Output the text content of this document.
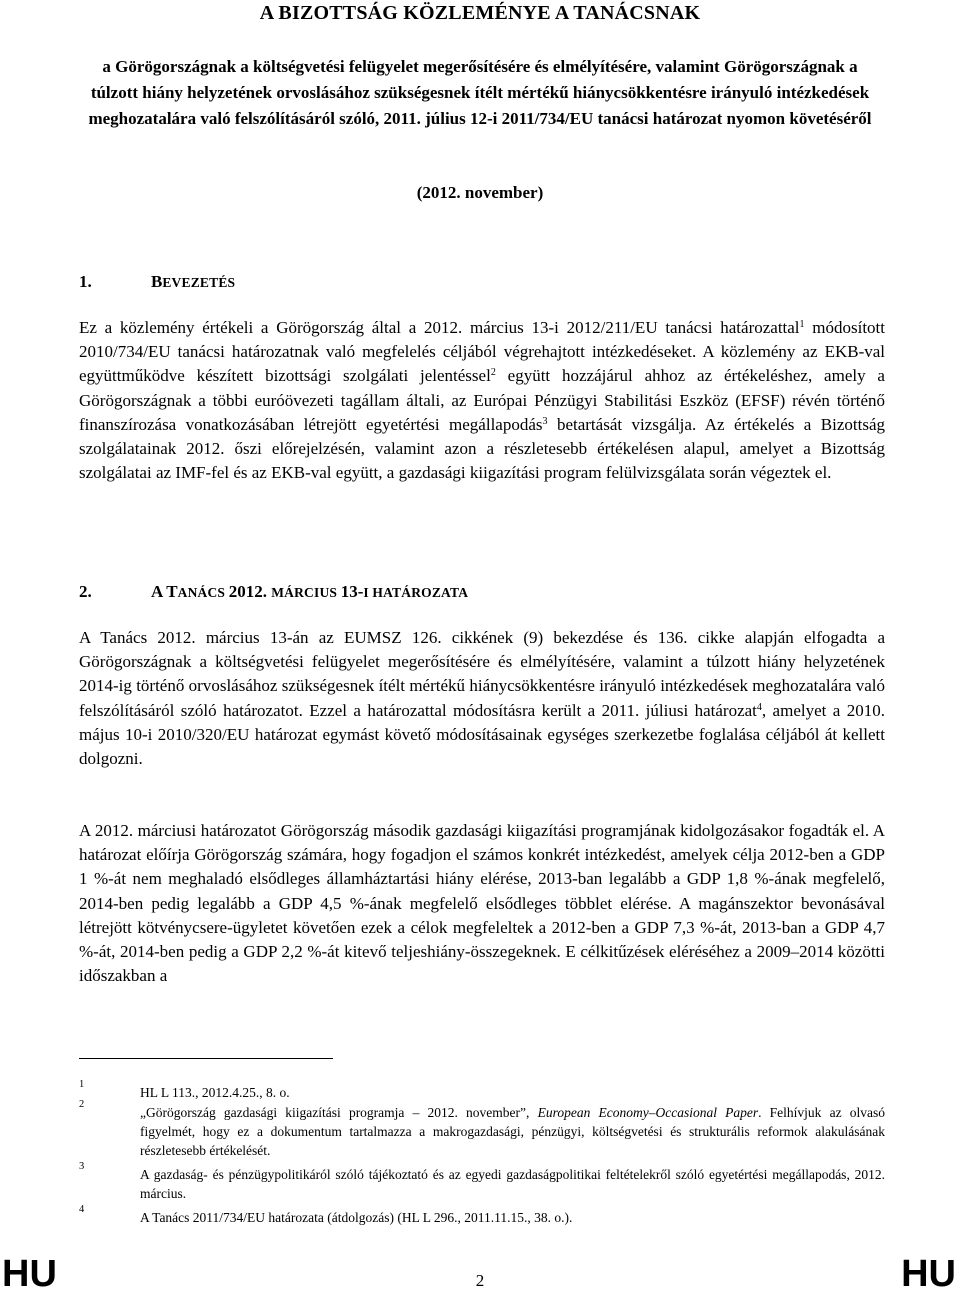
A BIZOTTSÁG KÖZLEMÉNYE A TANÁCSNAK
a Görögországnak a költségvetési felügyelet megerősítésére és elmélyítésére, valamint Görögországnak a túlzott hiány helyzetének orvoslásához szükségesnek ítélt mértékű hiánycsökkentésre irányuló intézkedések meghozatalára való felszólításáról szóló, 2011. július 12-i 2011/734/EU tanácsi határozat nyomon követéséről
(2012. november)
1.	BEVEZETÉS

Ez a közlemény értékeli a Görögország által a 2012. március 13-i 2012/211/EU tanácsi határozattal$^1$ módosított 2010/734/EU tanácsi határozatnak való megfelelés céljából végrehajtott intézkedéseket. A közlemény az EKB-val együttműködve készített bizottsági szolgálati jelentéssel$^2$ együtt hozzájárul ahhoz az értékeléshez, amely a Görögországnak a többi euróövezeti tagállam általi, az Európai Pénzügyi Stabilitási Eszköz (EFSF) révén történő finanszírozása vonatkozásában létrejött egyetértési megállapodás$^3$ betartását vizsgálja. Az értékelés a Bizottság szolgálatainak 2012. őszi előrejelzésén, valamint azon a részletesebb értékelésen alapul, amelyet a Bizottság szolgálatai az IMF-fel és az EKB-val együtt, a gazdasági kiigazítási program felülvizsgálata során végeztek el.

2.	A TANÁCS 2012. MÁRCIUS 13-I HATÁROZATA

A Tanács 2012. március 13-án az EUMSZ 126. cikkének (9) bekezdése és 136. cikke alapján elfogadta a Görögországnak a költségvetési felügyelet megerősítésére és elmélyítésére, valamint a túlzott hiány helyzetének 2014-ig történő orvoslásához szükségesnek ítélt mértékű hiánycsökkentésre irányuló intézkedések meghozatalára való felszólításáról szóló határozatot. Ezzel a határozattal módosításra került a 2011. júliusi határozat$^4$, amelyet a 2010. május 10-i 2010/320/EU határozat egymást követő módosításainak egységes szerkezetbe foglalása céljából át kellett dolgozni.

A 2012. márciusi határozatot Görögország második gazdasági kiigazítási programjának kidolgozásakor fogadták el. A határozat előírja Görögország számára, hogy fogadjon el számos konkrét intézkedést, amelyek célja 2012-ben a GDP 1 %-át nem meghaladó elsődleges államháztartási hiány elérése, 2013-ban legalább a GDP 1,8 %-ának megfelelő, 2014-ben pedig legalább a GDP 4,5 %-ának megfelelő elsődleges többlet elérése. A magánszektor bevonásával létrejött kötvénycsere-ügyletet követően ezek a célok megfeleltek a 2012-ben a GDP 7,3 %-át, 2013-ban a GDP 4,7 %-át, 2014-ben pedig a GDP 2,2 %-át kitevő teljeshiány-összegeknek. E célkitűzések eléréséhez a 2009–2014 közötti időszakban a

1
HL L 113., 2012.4.25., 8. o.
2
„Görögország gazdasági kiigazítási programja – 2012. november”, European Economy–Occasional Paper. Felhívjuk az olvasó figyelmét, hogy ez a dokumentum tartalmazza a makrogazdasági, pénzügyi, költségvetési és strukturális reformok alakulásának részletesebb értékelését.
3
A gazdaság- és pénzügypolitikáról szóló tájékoztató és az egyedi gazdaságpolitikai feltételekről szóló egyetértési megállapodás, 2012. március.
4
A Tanács 2011/734/EU határozata (átdolgozás) (HL L 296., 2011.11.15., 38. o.).
HU	2	HU
